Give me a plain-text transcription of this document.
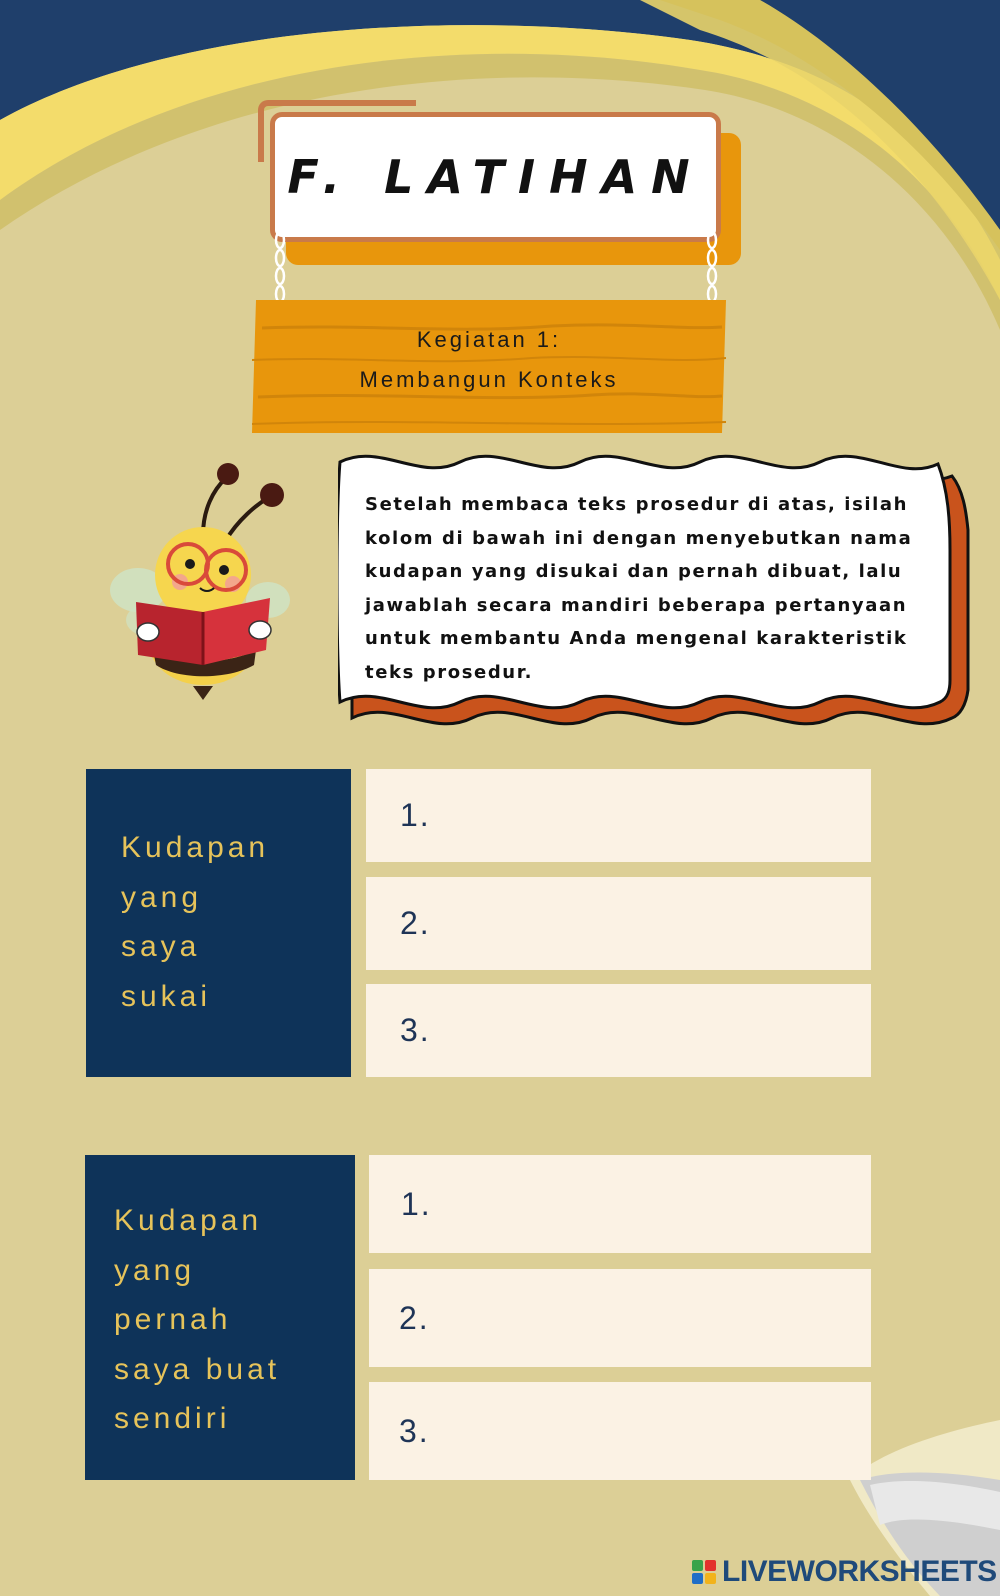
F. LATIHAN
Kegiatan 1:
Membangun Konteks
Setelah membaca teks prosedur di atas, isilah
kolom di bawah ini dengan menyebutkan nama
kudapan yang disukai dan pernah dibuat, lalu
jawablah secara mandiri beberapa pertanyaan
untuk membantu Anda mengenal karakteristik
teks prosedur.
Kudapan
yang
saya
sukai
1.
2.
3.
Kudapan
yang
pernah
saya buat
sendiri
1.
2.
3.
LIVEWORKSHEETS
